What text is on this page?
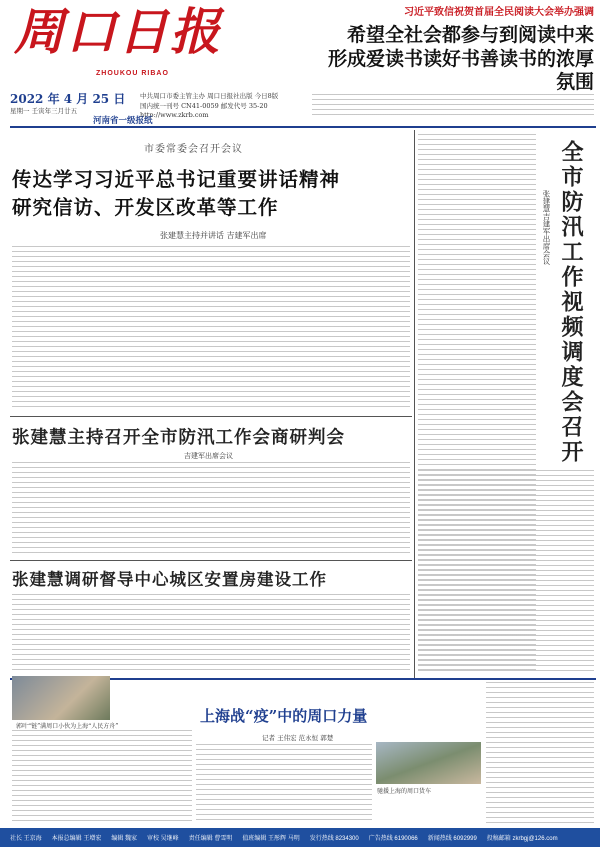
周口日报
ZHOUKOU RIBAO
习近平致信祝贺首届全民阅读大会举办强调
希望全社会都参与到阅读中来
形成爱读书读好书善读书的浓厚氛围
2022 年 4 月 25 日
星期一 壬寅年三月廿五
中共周口市委主管主办 周口日报社出版 今日8版
国内统一刊号 CN41-0059 邮发代号 35-20 http://www.zkrb.com
河南省一级报纸
市委常委会召开会议
传达学习习近平总书记重要讲话精神
研究信访、开发区改革等工作
张建慧主持并讲话 吉建军出席
张建慧主持召开全市防汛工作会商研判会
吉建军出席会议
张建慧调研督导中心城区安置房建设工作
全市防汛工作视频调度会召开
张建慧吉建军出席会议
郭叶“链”满周口小伙为上海“人民方舟”
上海战“疫”中的周口力量
记者 王伟宏 范永恒 郭楚
驰援上海的周口货车
社长 王京海 本报总编辑 王增宏 编辑 魏家 审校 吴继峰 责任编辑 曹雪明 值班编辑 王彤辉 马明 发行热线 8234300 广告热线 6190066 新闻热线 6092999 投稿邮箱 zkrbgj@126.com
